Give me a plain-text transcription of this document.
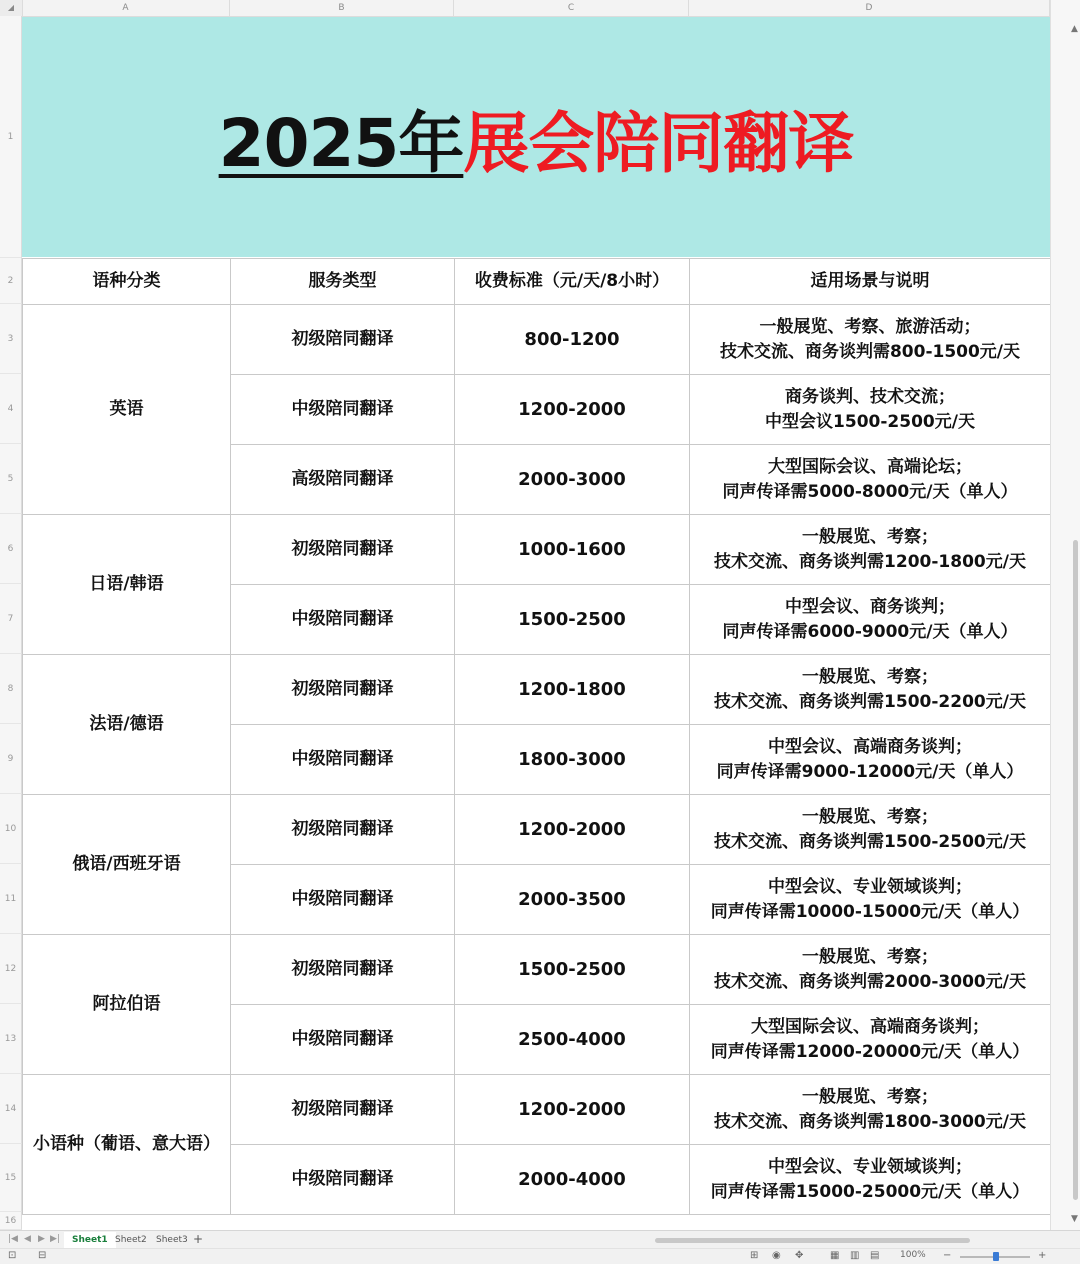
◢	A	B	C	D
1
2
3
4
5
6
7
8
9
10
11
12
13
14
15
16
2025年展会陪同翻译
语种分类	服务类型	收费标准（元/天/8小时）	适用场景与说明
英语	初级陪同翻译	800-1200	一般展览、考察、旅游活动；
技术交流、商务谈判需800-1500元/天

	中级陪同翻译	1200-2000	商务谈判、技术交流；
中型会议1500-2500元/天

	高级陪同翻译	2000-3000	大型国际会议、高端论坛；
同声传译需5000-8000元/天（单人）

日语/韩语	初级陪同翻译	1000-1600	一般展览、考察；
技术交流、商务谈判需1200-1800元/天

	中级陪同翻译	1500-2500	中型会议、商务谈判；
同声传译需6000-9000元/天（单人）

法语/德语	初级陪同翻译	1200-1800	一般展览、考察；
技术交流、商务谈判需1500-2200元/天

	中级陪同翻译	1800-3000	中型会议、高端商务谈判；
同声传译需9000-12000元/天（单人）

俄语/西班牙语	初级陪同翻译	1200-2000	一般展览、考察；
技术交流、商务谈判需1500-2500元/天

	中级陪同翻译	2000-3500	中型会议、专业领域谈判；
同声传译需10000-15000元/天（单人）

阿拉伯语	初级陪同翻译	1500-2500	一般展览、考察；
技术交流、商务谈判需2000-3000元/天

	中级陪同翻译	2500-4000	大型国际会议、高端商务谈判；
同声传译需12000-20000元/天（单人）

小语种（葡语、意大语）	初级陪同翻译	1200-2000	一般展览、考察；
技术交流、商务谈判需1800-3000元/天

	中级陪同翻译	2000-4000	中型会议、专业领域谈判；
同声传译需15000-25000元/天（单人）
▲
▼
|◀ ◀ ▶ ▶|	Sheet1 Sheet2	Sheet3 +
⊡ ⊟	⊞ ◉ ✥	▦ ▥ ▤ 100% −	+
